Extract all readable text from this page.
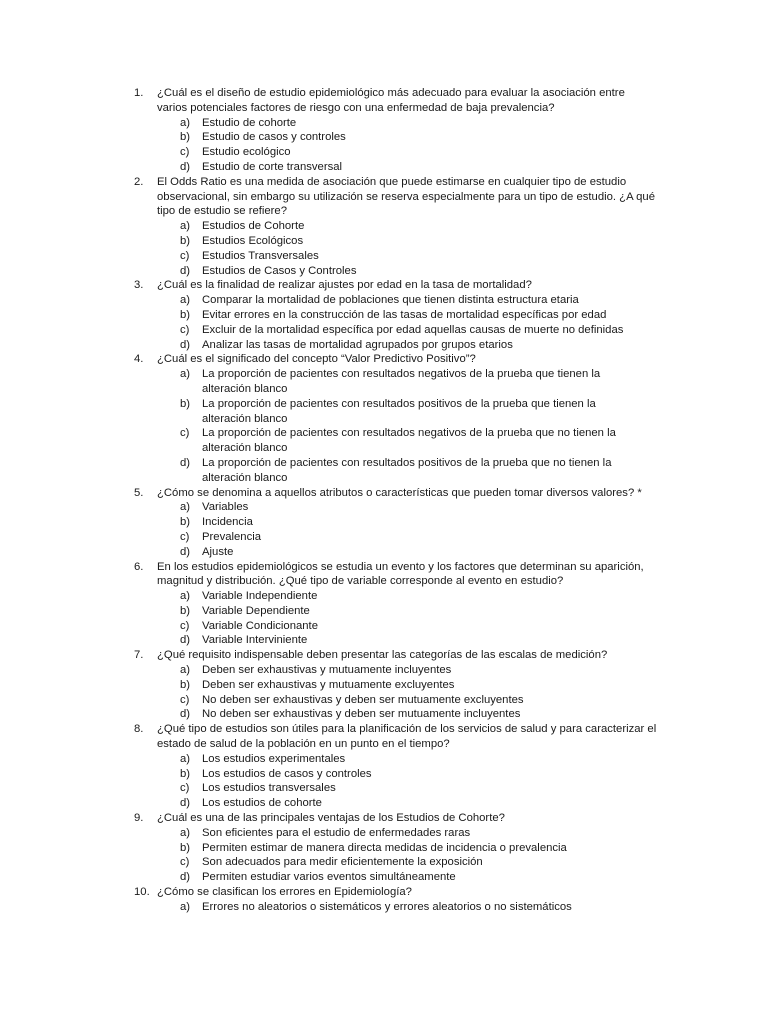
1. ¿Cuál es el diseño de estudio epidemiológico más adecuado para evaluar la asociación entre varios potenciales factores de riesgo con una enfermedad de baja prevalencia?
a) Estudio de cohorte
b) Estudio de casos y controles
c) Estudio ecológico
d) Estudio de corte transversal
2. El Odds Ratio es una medida de asociación que puede estimarse en cualquier tipo de estudio observacional, sin embargo su utilización se reserva especialmente para un tipo de estudio. ¿A qué tipo de estudio se refiere?
a) Estudios de Cohorte
b) Estudios Ecológicos
c) Estudios Transversales
d) Estudios de Casos y Controles
3. ¿Cuál es la finalidad de realizar ajustes por edad en la tasa de mortalidad?
a) Comparar la mortalidad de poblaciones que tienen distinta estructura etaria
b) Evitar errores en la construcción de las tasas de mortalidad específicas por edad
c) Excluir de la mortalidad específica por edad aquellas causas de muerte no definidas
d) Analizar las tasas de mortalidad agrupados por grupos etarios
4. ¿Cuál es el significado del concepto “Valor Predictivo Positivo”?
a) La proporción de pacientes con resultados negativos de la prueba que tienen la alteración blanco
b) La proporción de pacientes con resultados positivos de la prueba que tienen la alteración blanco
c) La proporción de pacientes con resultados negativos de la prueba que no tienen la alteración blanco
d) La proporción de pacientes con resultados positivos de la prueba que no tienen la alteración blanco
5. ¿Cómo se denomina a aquellos atributos o características que pueden tomar diversos valores? *
a) Variables
b) Incidencia
c) Prevalencia
d) Ajuste
6. En los estudios epidemiológicos se estudia un evento y los factores que determinan su aparición, magnitud y distribución. ¿Qué tipo de variable corresponde al evento en estudio?
a) Variable Independiente
b) Variable Dependiente
c) Variable Condicionante
d) Variable Interviniente
7. ¿Qué requisito indispensable deben presentar las categorías de las escalas de medición?
a) Deben ser exhaustivas y mutuamente incluyentes
b) Deben ser exhaustivas y mutuamente excluyentes
c) No deben ser exhaustivas y deben ser mutuamente excluyentes
d) No deben ser exhaustivas y deben ser mutuamente incluyentes
8. ¿Qué tipo de estudios son útiles para la planificación de los servicios de salud y para caracterizar el estado de salud de la población en un punto en el tiempo?
a) Los estudios experimentales
b) Los estudios de casos y controles
c) Los estudios transversales
d) Los estudios de cohorte
9. ¿Cuál es una de las principales ventajas de los Estudios de Cohorte?
a) Son eficientes para el estudio de enfermedades raras
b) Permiten estimar de manera directa medidas de incidencia o prevalencia
c) Son adecuados para medir eficientemente la exposición
d) Permiten estudiar varios eventos simultáneamente
10. ¿Cómo se clasifican los errores en Epidemiología?
a) Errores no aleatorios o sistemáticos y errores aleatorios o no sistemáticos
